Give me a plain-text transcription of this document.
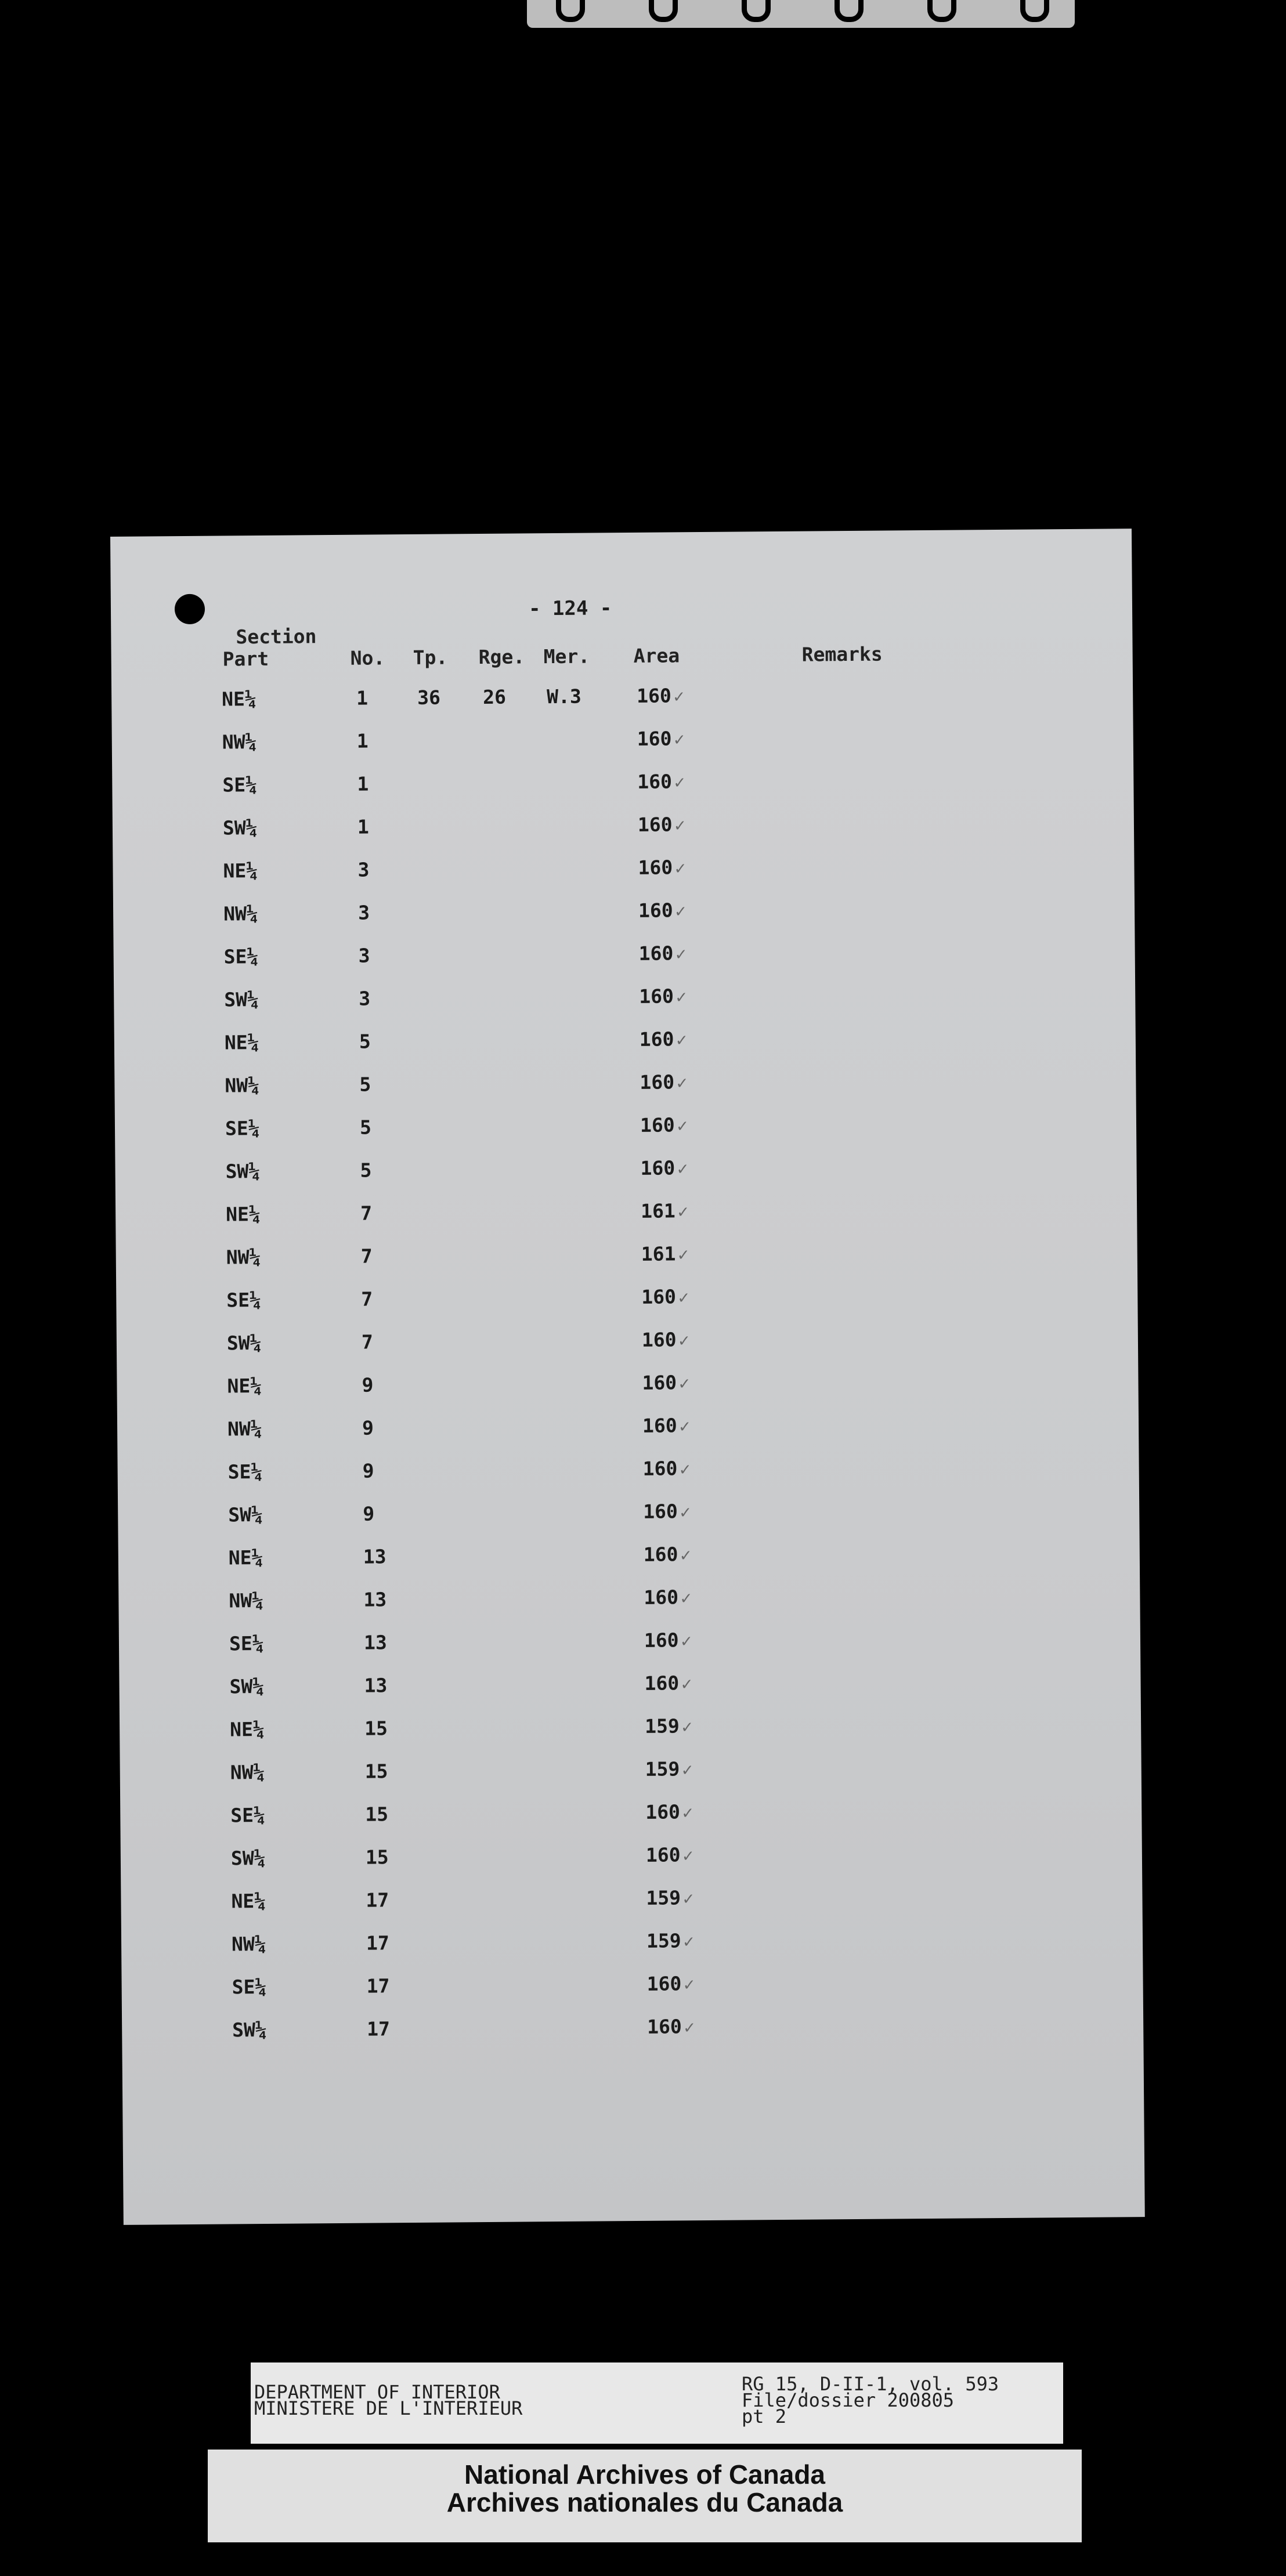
- 124 -
Section
Part	No. Tp. Rge. Mer. Area	Remarks
NE¼	1	36 26 W.3	160 ✓
NW¼	1	160 ✓
SE¼	1	160 ✓
SW¼	1	160 ✓
NE¼	3	160 ✓
NW¼	3	160 ✓
SE¼	3	160 ✓
SW¼	3	160 ✓
NE¼	5	160 ✓
NW¼	5	160 ✓
SE¼	5	160 ✓
SW¼	5	160 ✓
NE¼	7	161 ✓
NW¼	7	161 ✓
SE¼	7	160 ✓
SW¼	7	160 ✓
NE¼	9	160 ✓
NW¼	9	160 ✓
SE¼	9	160 ✓
SW¼	9	160 ✓
NE¼	13	160 ✓
NW¼	13	160 ✓
SE¼	13	160 ✓
SW¼	13	160 ✓
NE¼	15	159 ✓
NW¼	15	159 ✓
SE¼	15	160 ✓
SW¼	15	160 ✓
NE¼	17	159 ✓
NW¼	17	159 ✓
SE¼	17	160 ✓
SW¼	17	160 ✓
DEPARTMENT OF INTERIOR
MINISTERE DE L'INTERIEUR
RG 15, D-II-1, vol. 593
File/dossier 200805
pt 2
National Archives of Canada
Archives nationales du Canada
